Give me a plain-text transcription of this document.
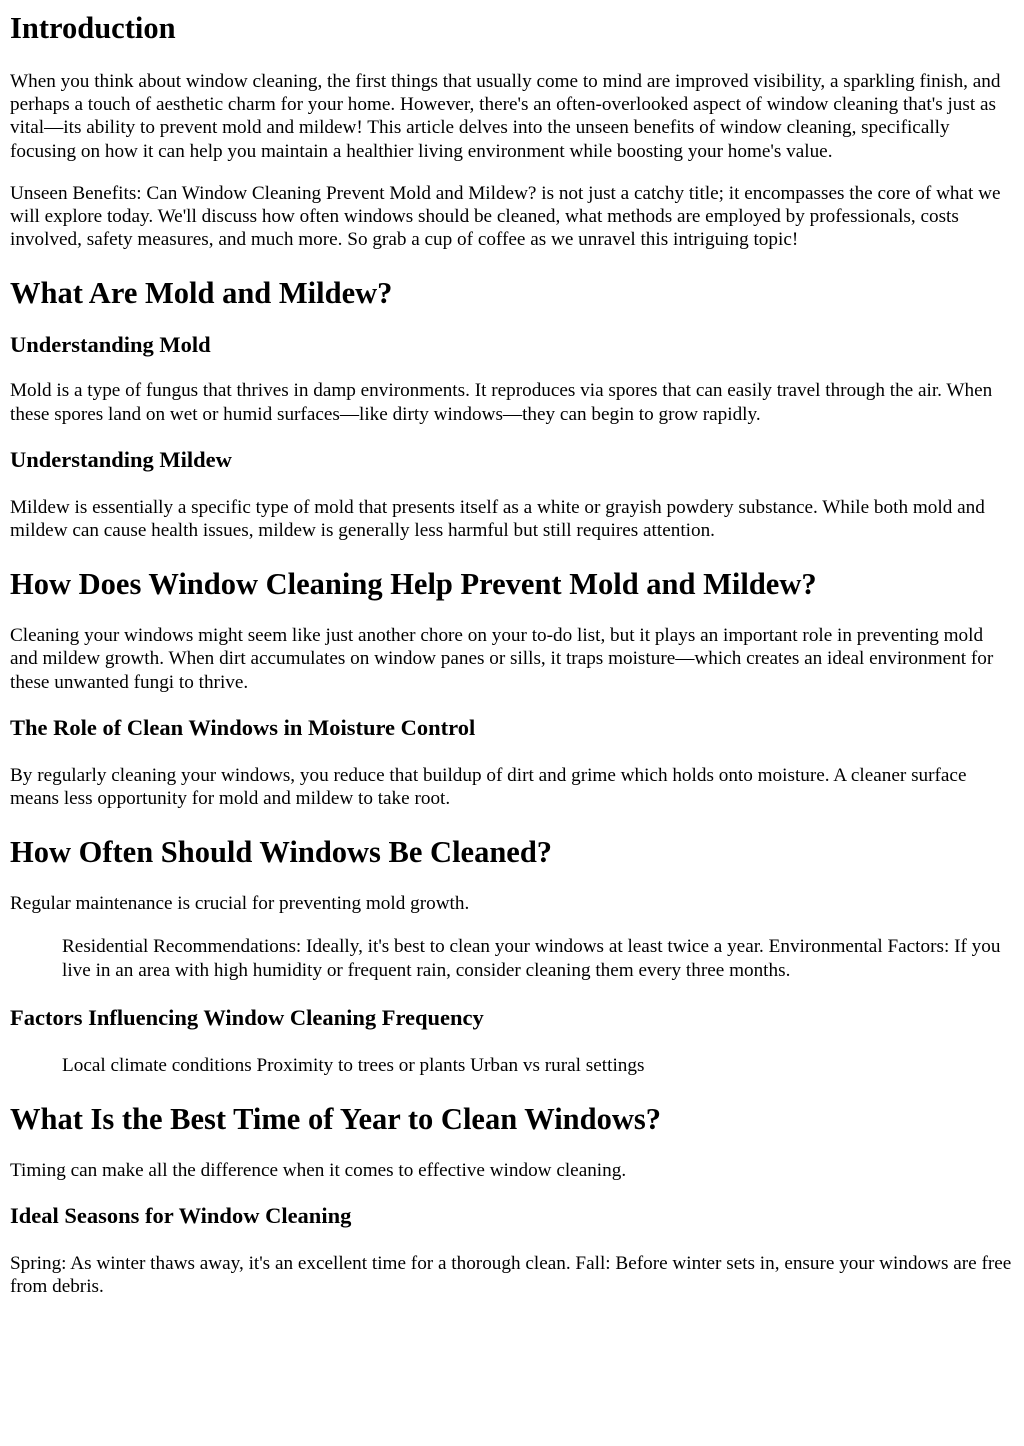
Introduction

When you think about window cleaning, the first things that usually come to mind are improved visibility, a sparkling finish, and perhaps a touch of aesthetic charm for your home. However, there's an often-overlooked aspect of window cleaning that's just as vital—its ability to prevent mold and mildew! This article delves into the unseen benefits of window cleaning, specifically focusing on how it can help you maintain a healthier living environment while boosting your home's value.

Unseen Benefits: Can Window Cleaning Prevent Mold and Mildew? is not just a catchy title; it encompasses the core of what we will explore today. We'll discuss how often windows should be cleaned, what methods are employed by professionals, costs involved, safety measures, and much more. So grab a cup of coffee as we unravel this intriguing topic!

What Are Mold and Mildew?
Understanding Mold

Mold is a type of fungus that thrives in damp environments. It reproduces via spores that can easily travel through the air. When these spores land on wet or humid surfaces—like dirty windows—they can begin to grow rapidly.

Understanding Mildew

Mildew is essentially a specific type of mold that presents itself as a white or grayish powdery substance. While both mold and mildew can cause health issues, mildew is generally less harmful but still requires attention.

How Does Window Cleaning Help Prevent Mold and Mildew?

Cleaning your windows might seem like just another chore on your to-do list, but it plays an important role in preventing mold and mildew growth. When dirt accumulates on window panes or sills, it traps moisture—which creates an ideal environment for these unwanted fungi to thrive.

The Role of Clean Windows in Moisture Control

By regularly cleaning your windows, you reduce that buildup of dirt and grime which holds onto moisture. A cleaner surface means less opportunity for mold and mildew to take root.

How Often Should Windows Be Cleaned?

Regular maintenance is crucial for preventing mold growth.

Residential Recommendations: Ideally, it's best to clean your windows at least twice a year. Environmental Factors: If you live in an area with high humidity or frequent rain, consider cleaning them every three months.
Factors Influencing Window Cleaning Frequency
Local climate conditions Proximity to trees or plants Urban vs rural settings
What Is the Best Time of Year to Clean Windows?

Timing can make all the difference when it comes to effective window cleaning.

Ideal Seasons for Window Cleaning

Spring: As winter thaws away, it's an excellent time for a thorough clean. Fall: Before winter sets in, ensure your windows are free from debris.
